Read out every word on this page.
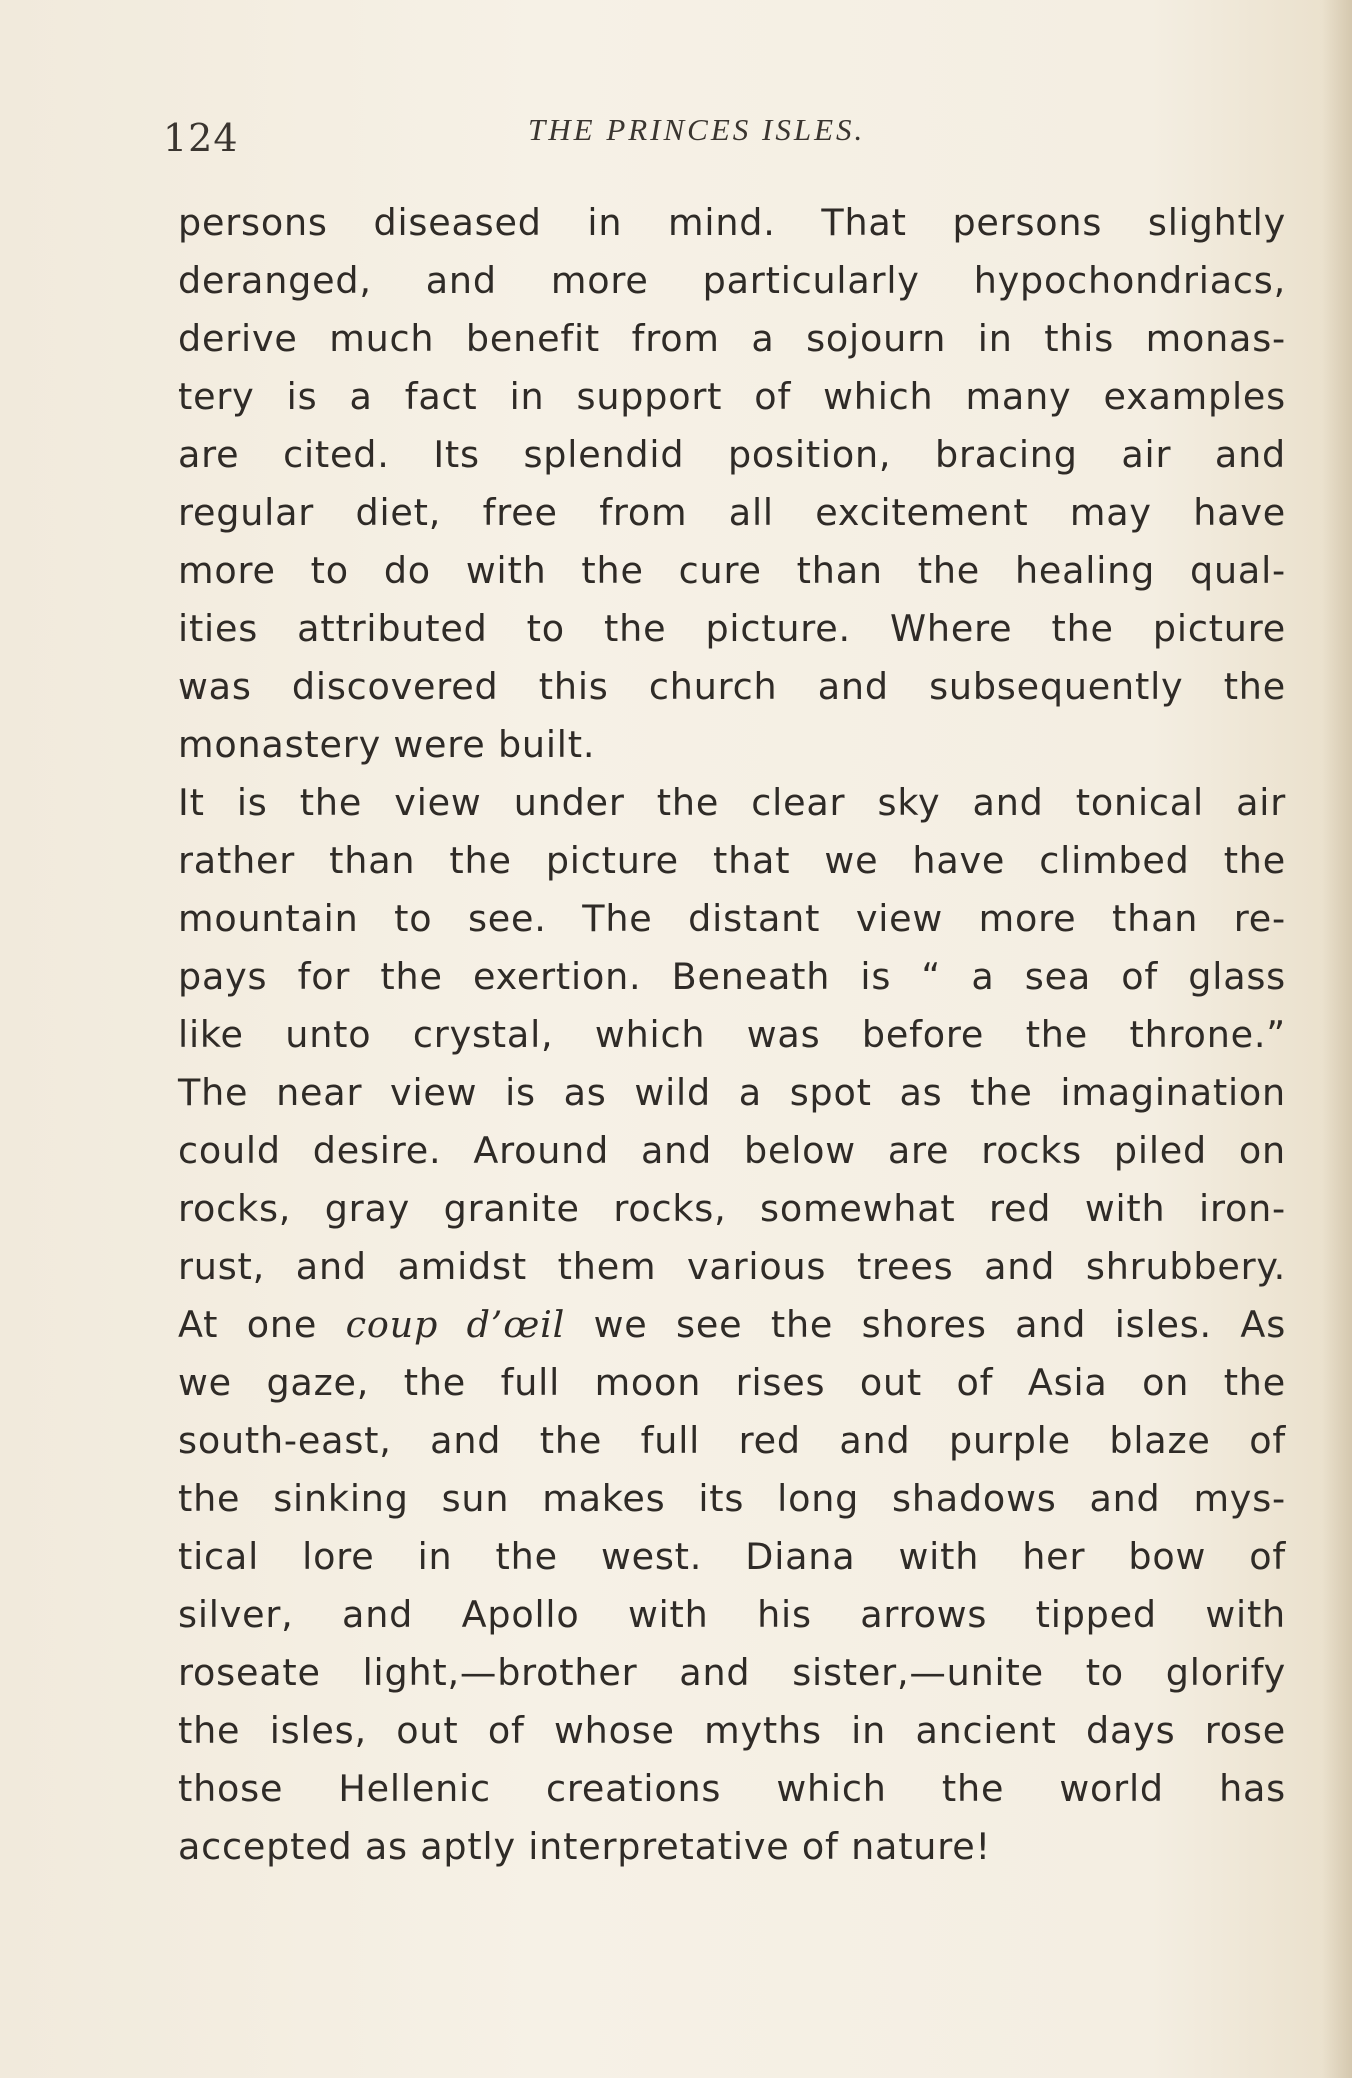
124	THE PRINCES ISLES.
persons diseased in mind. That persons slightly
deranged, and more particularly hypochondriacs,
derive much benefit from a sojourn in this monas-
tery is a fact in support of which many examples
are cited. Its splendid position, bracing air and
regular diet, free from all excitement may have
more to do with the cure than the healing qual-
ities attributed to the picture. Where the picture
was discovered this church and subsequently the
monastery were built.
It is the view under the clear sky and tonical air
rather than the picture that we have climbed the
mountain to see. The distant view more than re-
pays for the exertion. Beneath is “ a sea of glass
like unto crystal, which was before the throne.”
The near view is as wild a spot as the imagination
could desire. Around and below are rocks piled on
rocks, gray granite rocks, somewhat red with iron-
rust, and amidst them various trees and shrubbery.
At one coup d’œil we see the shores and isles. As
we gaze, the full moon rises out of Asia on the
south-east, and the full red and purple blaze of
the sinking sun makes its long shadows and mys-
tical lore in the west. Diana with her bow of
silver, and Apollo with his arrows tipped with
roseate light,—brother and sister,—unite to glorify
the isles, out of whose myths in ancient days rose
those Hellenic creations which the world has
accepted as aptly interpretative of nature!
